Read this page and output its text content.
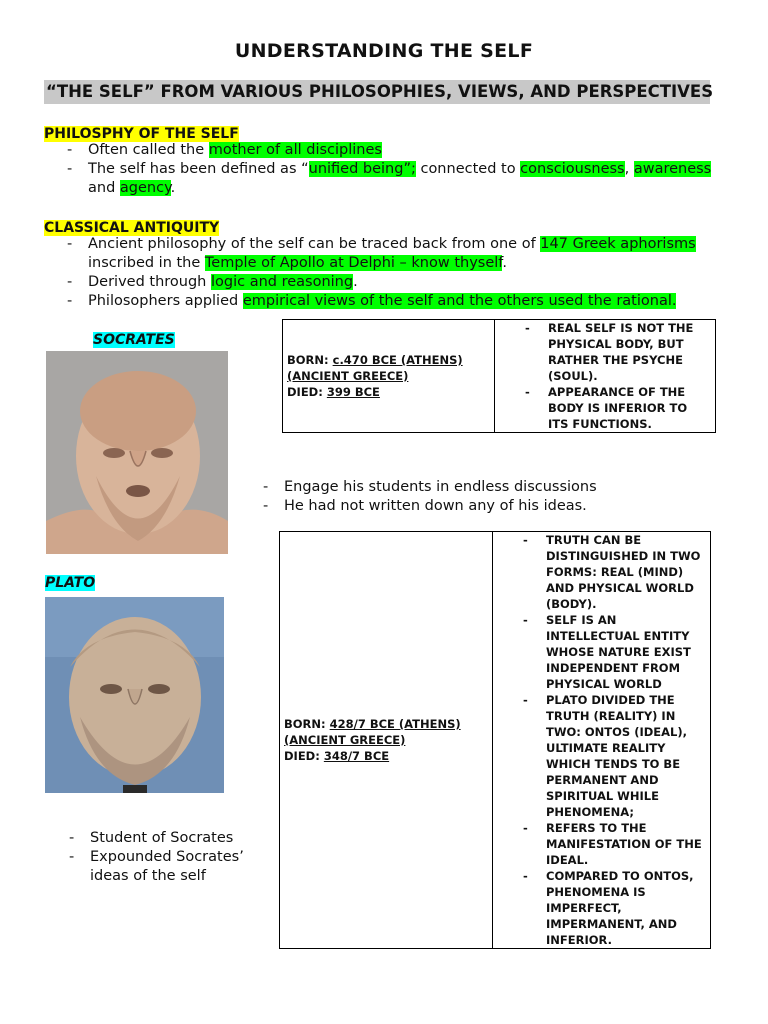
UNDERSTANDING THE SELF
“THE SELF” FROM VARIOUS PHILOSOPHIES, VIEWS, AND PERSPECTIVES
PHILOSPHY OF THE SELF
- Often called the mother of all disciplines
- The self has been defined as “unified being”; connected to consciousness, awareness
and agency.
CLASSICAL ANTIQUITY
- Ancient philosophy of the self can be traced back from one of 147 Greek aphorisms
inscribed in the Temple of Apollo at Delphi – know thyself.
- Derived through logic and reasoning.
- Philosophers applied empirical views of the self and the others used the rational.
SOCRATES
BORN: c.470 BCE (ATHENS)
(ANCIENT GREECE)
DIED: 399 BCE	
- REAL SELF IS NOT THE PHYSICAL BODY, BUT RATHER THE PSYCHE (SOUL).
- APPEARANCE OF THE BODY IS INFERIOR TO ITS FUNCTIONS.
- Engage his students in endless discussions
- He had not written down any of his ideas.
PLATO
BORN: 428/7 BCE (ATHENS)
(ANCIENT GREECE)
DIED: 348/7 BCE	
- TRUTH CAN BE DISTINGUISHED IN TWO FORMS: REAL (MIND) AND PHYSICAL WORLD (BODY).
- SELF IS AN INTELLECTUAL ENTITY WHOSE NATURE EXIST INDEPENDENT FROM PHYSICAL WORLD
- PLATO DIVIDED THE TRUTH (REALITY) IN TWO: ONTOS (IDEAL), ULTIMATE REALITY WHICH TENDS TO BE PERMANENT AND SPIRITUAL WHILE PHENOMENA;
- REFERS TO THE MANIFESTATION OF THE IDEAL.
- COMPARED TO ONTOS, PHENOMENA IS IMPERFECT, IMPERMANENT, AND INFERIOR.
- Student of Socrates
- Expounded Socrates’ ideas of the self
